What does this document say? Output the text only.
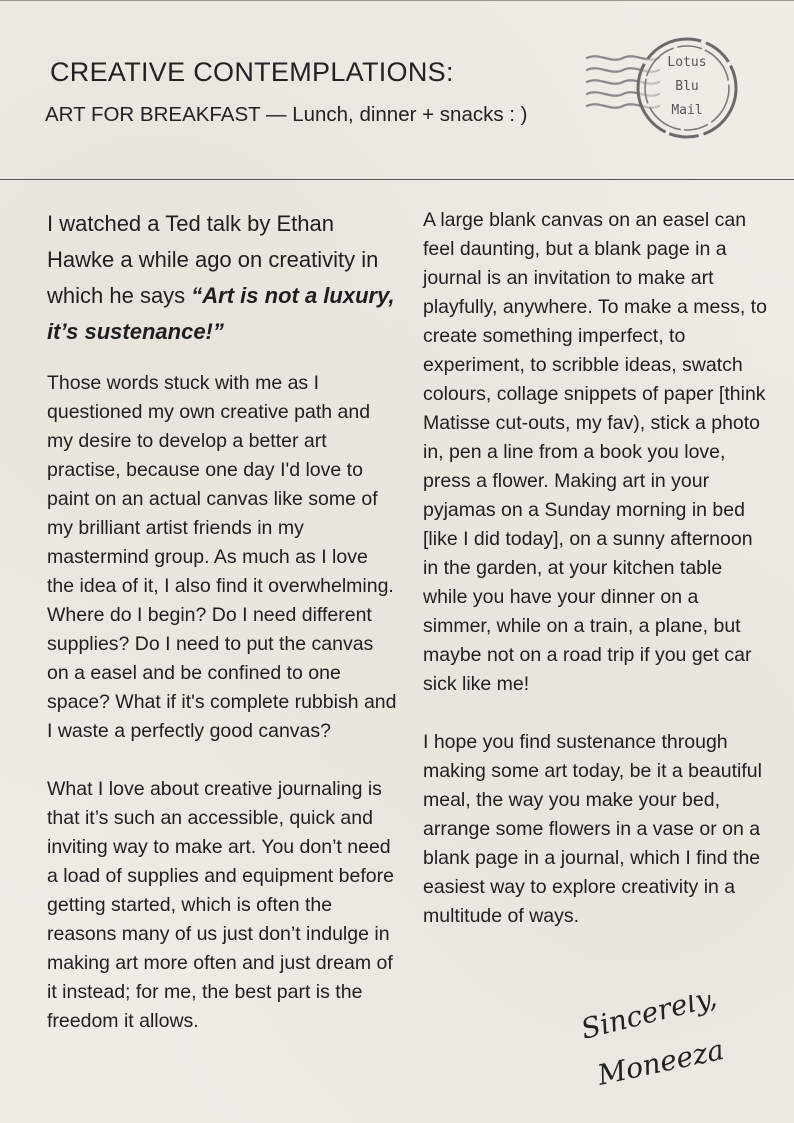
CREATIVE CONTEMPLATIONS:
ART FOR BREAKFAST — Lunch, dinner + snacks : )
Lotus
Blu
Mail

I watched a Ted talk by Ethan Hawke a while ago on creativity in which he says “Art is not a luxury, it’s sustenance!”

Those words stuck with me as I questioned my own creative path and my desire to develop a better art practise, because one day I'd love to paint on an actual canvas like some of my brilliant artist friends in my mastermind group. As much as I love the idea of it, I also find it overwhelming. Where do I begin? Do I need different supplies? Do I need to put the canvas on a easel and be confined to one space? What if it's complete rubbish and I waste a perfectly good canvas?

What I love about creative journaling is that it’s such an accessible, quick and inviting way to make art. You don’t need a load of supplies and equipment before getting started, which is often the reasons many of us just don’t indulge in making art more often and just dream of it instead; for me, the best part is the freedom it allows.

A large blank canvas on an easel can feel daunting, but a blank page in a journal is an invitation to make art playfully, anywhere. To make a mess, to create something imperfect, to experiment, to scribble ideas, swatch colours, collage snippets of paper [think Matisse cut-outs, my fav), stick a photo in, pen a line from a book you love, press a flower. Making art in your pyjamas on a Sunday morning in bed [like I did today], on a sunny afternoon in the garden, at your kitchen table while you have your dinner on a simmer, while on a train, a plane, but maybe not on a road trip if you get car sick like me!

I hope you find sustenance through making some art today, be it a beautiful meal, the way you make your bed, arrange some flowers in a vase or on a blank page in a journal, which I find the easiest way to explore creativity in a multitude of ways.

Sincerely,
Moneeza
